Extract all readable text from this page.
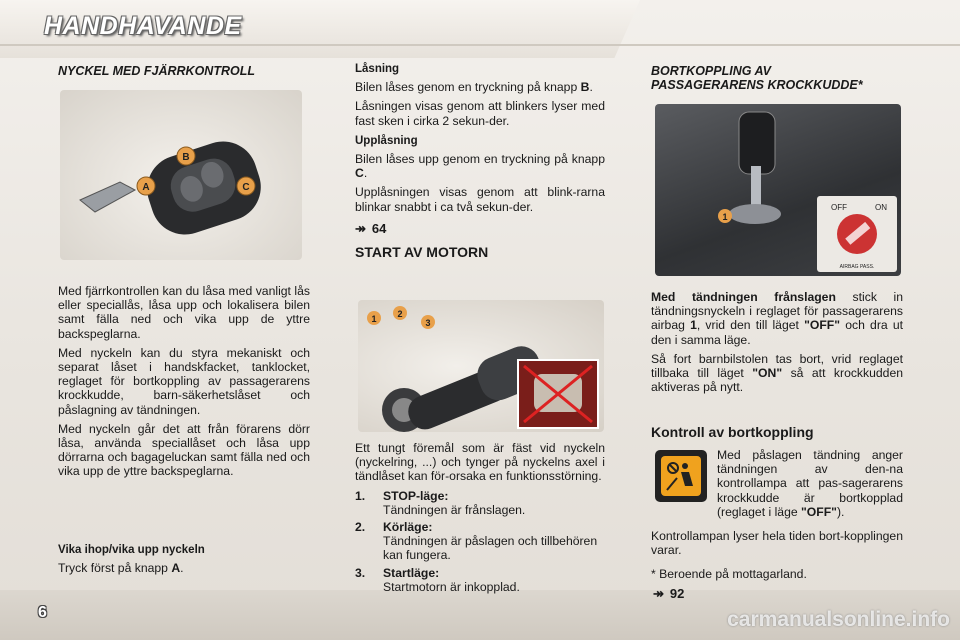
HANDHAVANDE
6
NYCKEL MED FJÄRRKONTROLL
B
A	C

Med fjärrkontrollen kan du låsa med vanligt lås eller speciallås, låsa upp och lokalisera bilen samt fälla ned och vika upp de yttre backspeglarna.

Med nyckeln kan du styra mekaniskt och separat låset i handskfacket, tanklocket, reglaget för bortkoppling av passagerarens krockkudde, barn-säkerhetslåset och påslagning av tändningen.

Med nyckeln går det att från förarens dörr låsa, använda speciallåset och låsa upp dörrarna och bagageluckan samt fälla ned och vika upp de yttre backspeglarna.

Vika ihop/vika upp nyckeln

Tryck först på knapp A.

Låsning

Bilen låses genom en tryckning på knapp B.

Låsningen visas genom att blinkers lyser med fast sken i cirka 2 sekun-der.

Upplåsning

Bilen låses upp genom en tryckning på knapp C.

Upplåsningen visas genom att blink-rarna blinkar snabbt i ca två sekun-der.

↠ 64
START AV MOTORN
1 2
3

Ett tungt föremål som är fäst vid nyckeln (nyckelring, ...) och tynger på nyckelns axel i tändlåset kan för-orsaka en funktionsstörning.

1.	STOP-läge:
Tändningen är frånslagen.
2.	Körläge:
Tändningen är påslagen och tillbehören kan fungera.
3.	Startläge:
Startmotorn är inkopplad.
BORTKOPPLING AV
PASSAGERARENS KROCKKUDDE*
1
OFF	ON
AIRBAG PASS.

Med tändningen frånslagen stick in tändningsnyckeln i reglaget för passagerarens airbag 1, vrid den till läget "OFF" och dra ut den i samma läge.

Så fort barnbilstolen tas bort, vrid reglaget tillbaka till läget "ON" så att krockkudden aktiveras på nytt.

Kontroll av bortkoppling

Med påslagen tändning anger tändningen av den-na kontrollampa att pas-sagerarens krockkudde är bortkopplad (reglaget i läge "OFF").

Kontrollampan lyser hela tiden bort-kopplingen varar.

* Beroende på mottagarland.

↠ 92
carmanualsonline.info
